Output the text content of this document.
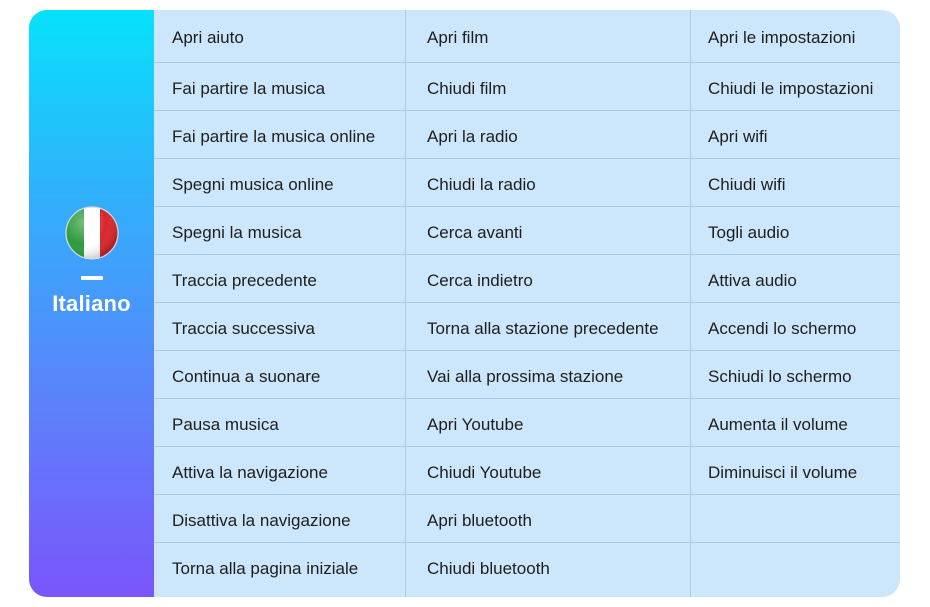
Italiano
Apri aiuto
Fai partire la musica
Fai partire la musica online
Spegni musica online
Spegni la musica
Traccia precedente
Traccia successiva
Continua a suonare
Pausa musica
Attiva la navigazione
Disattiva la navigazione
Torna alla pagina iniziale
Apri film
Chiudi film
Apri la radio
Chiudi la radio
Cerca avanti
Cerca indietro
Torna alla stazione precedente
Vai alla prossima stazione
Apri Youtube
Chiudi Youtube
Apri bluetooth
Chiudi bluetooth
Apri le impostazioni
Chiudi le impostazioni
Apri wifi
Chiudi wifi
Togli audio
Attiva audio
Accendi lo schermo
Schiudi lo schermo
Aumenta il volume
Diminuisci il volume
